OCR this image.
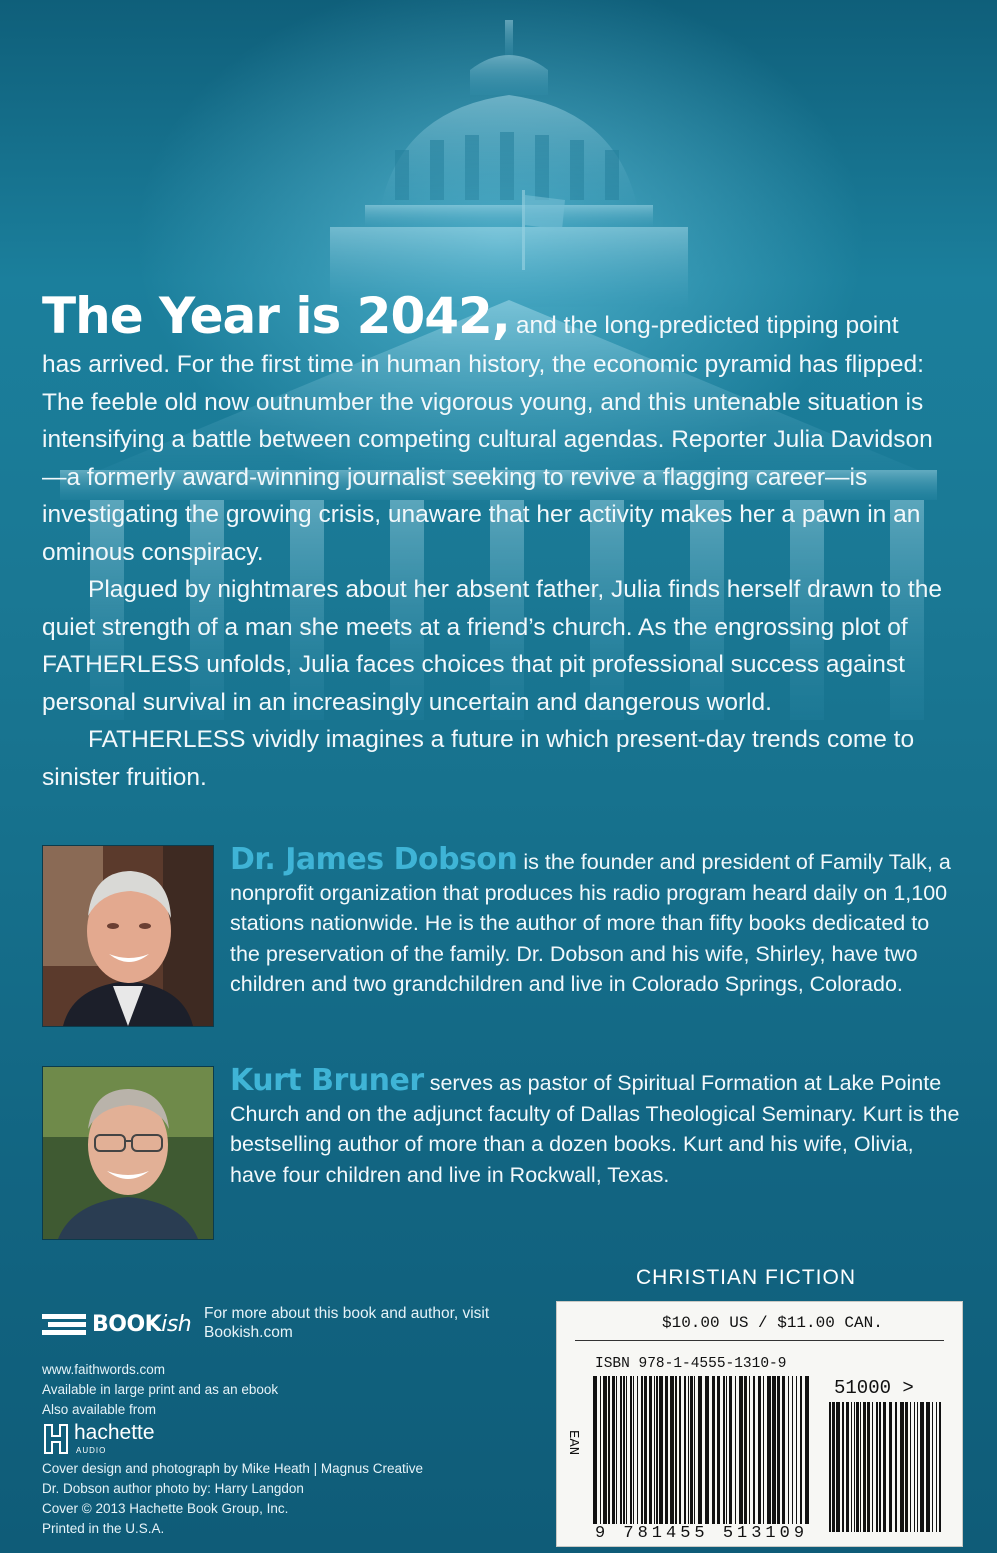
The Year is 2042, and the long-predicted tipping point has arrived. For the first time in human history, the economic pyramid has flipped: The feeble old now outnumber the vigorous young, and this untenable situation is intensifying a battle between competing cultural agendas. Reporter Julia Davidson—a formerly award-winning journalist seeking to revive a flagging career—is investigating the growing crisis, unaware that her activity makes her a pawn in an ominous conspiracy.

Plagued by nightmares about her absent father, Julia finds herself drawn to the quiet strength of a man she meets at a friend’s church. As the engrossing plot of FATHERLESS unfolds, Julia faces choices that pit professional success against personal survival in an increasingly uncertain and dangerous world.

FATHERLESS vividly imagines a future in which present-day trends come to sinister fruition.

Dr. James Dobson is the founder and president of Family Talk, a nonprofit organization that produces his radio program heard daily on 1,100 stations nationwide. He is the author of more than fifty books dedicated to the preservation of the family. Dr. Dobson and his wife, Shirley, have two children and two grandchildren and live in Colorado Springs, Colorado.
Kurt Bruner serves as pastor of Spiritual Formation at Lake Pointe Church and on the adjunct faculty of Dallas Theological Seminary. Kurt is the bestselling author of more than a dozen books. Kurt and his wife, Olivia, have four children and live in Rockwall, Texas.
CHRISTIAN FICTION
BOOKish For more about this book and author, visit Bookish.com
www.faithwords.com
Available in large print and as an ebook
Also available from
hachette
AUDIO
Cover design and photograph by Mike Heath | Magnus Creative
Dr. Dobson author photo by: Harry Langdon
Cover © 2013 Hachette Book Group, Inc.
Printed in the U.S.A.
$10.00 US / $11.00 CAN.
ISBN 978-1-4555-1310-9
EAN
51000 >
9 781455 513109
